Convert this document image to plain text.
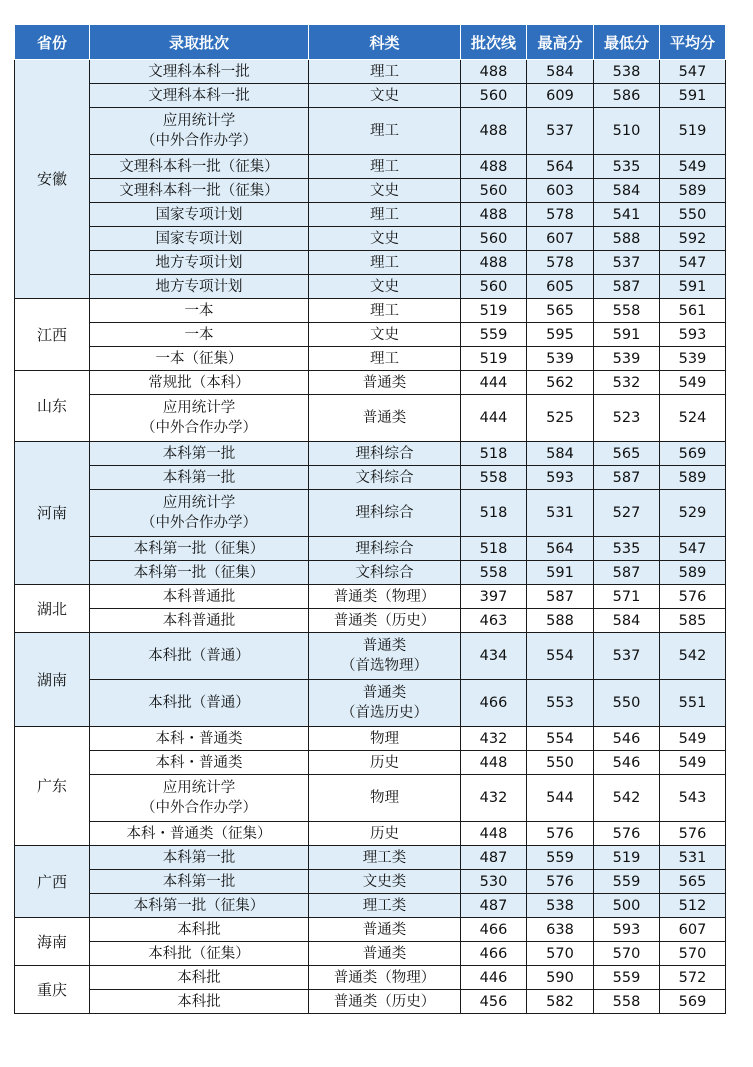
省份	录取批次	科类	批次线	最高分	最低分	平均分
安徽	文理科本科一批	理工	488	584	538	547

	文理科本科一批	文史	560	609	586	591

	应用统计学
（中外合作办学）	理工	488	537	510	519

	文理科本科一批（征集）	理工	488	564	535	549

	文理科本科一批（征集）	文史	560	603	584	589

	国家专项计划	理工	488	578	541	550

	国家专项计划	文史	560	607	588	592

	地方专项计划	理工	488	578	537	547

	地方专项计划	文史	560	605	587	591
江西	一本	理工	519	565	558	561

	一本	文史	559	595	591	593

	一本（征集）	理工	519	539	539	539
山东	常规批（本科）	普通类	444	562	532	549

	应用统计学
（中外合作办学）	普通类	444	525	523	524
河南	本科第一批	理科综合	518	584	565	569

	本科第一批	文科综合	558	593	587	589

	应用统计学
（中外合作办学）	理科综合	518	531	527	529

	本科第一批（征集）	理科综合	518	564	535	547

	本科第一批（征集）	文科综合	558	591	587	589
湖北	本科普通批	普通类（物理）	397	587	571	576

	本科普通批	普通类（历史）	463	588	584	585
湖南	本科批（普通）	普通类
（首选物理）	434	554	537	542

	本科批（普通）	普通类
（首选历史）	466	553	550	551
广东	本科・普通类	物理	432	554	546	549

	本科・普通类	历史	448	550	546	549

	应用统计学
（中外合作办学）	物理	432	544	542	543

	本科・普通类（征集）	历史	448	576	576	576
广西	本科第一批	理工类	487	559	519	531

	本科第一批	文史类	530	576	559	565

	本科第一批（征集）	理工类	487	538	500	512
海南	本科批	普通类	466	638	593	607

	本科批（征集）	普通类	466	570	570	570
重庆	本科批	普通类（物理）	446	590	559	572

	本科批	普通类（历史）	456	582	558	569
